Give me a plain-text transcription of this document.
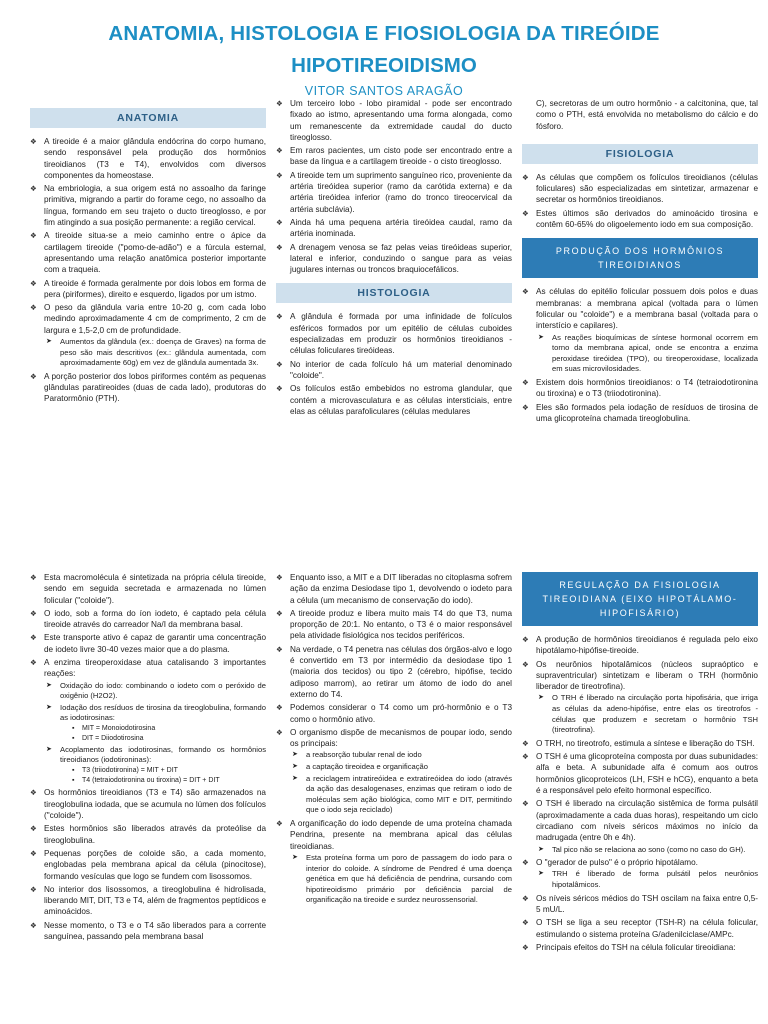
ANATOMIA, HISTOLOGIA E FIOSIOLOGIA DA TIREÓIDE
HIPOTIREOIDISMO
VITOR SANTOS ARAGÃO
ANATOMIA
❖ A tireoide é a maior glândula endócrina do corpo humano, sendo responsável pela produção dos hormônios tireoidianos (T3 e T4), envolvidos com diversos componentes da homeostase.
❖ Na embriologia, a sua origem está no assoalho da faringe primitiva, migrando a partir do forame cego, no assoalho da língua, formando em seu trajeto o ducto tireoglosso, e por fim atingindo a sua posição permanente: a região cervical.
❖ A tireoide situa-se a meio caminho entre o ápice da cartilagem tireoide ("pomo-de-adão") e a fúrcula esternal, apresentando uma relação anatômica posterior importante com a traqueia.
❖ A tireoide é formada geralmente por dois lobos em forma de pera (piriformes), direito e esquerdo, ligados por um istmo.
❖ O peso da glândula varia entre 10-20 g, com cada lobo medindo aproximadamente 4 cm de comprimento, 2 cm de largura e 1,5-2,0 cm de profundidade.
➤ Aumentos da glândula (ex.: doença de Graves) na forma de peso são mais descritivos (ex.: glândula aumentada, com aproximadamente 60g) em vez de glândula aumentada 3x.
❖ A porção posterior dos lobos piriformes contém as pequenas glândulas paratireoides (duas de cada lado), produtoras do Paratormônio (PTH).
❖ Um terceiro lobo - lobo piramidal - pode ser encontrado fixado ao istmo, apresentando uma forma alongada, como um remanescente da extremidade caudal do ducto tireoglosso.
❖ Em raros pacientes, um cisto pode ser encontrado entre a base da língua e a cartilagem tireoide - o cisto tireoglosso.
❖ A tireoide tem um suprimento sanguíneo rico, proveniente da artéria tireóidea superior (ramo da carótida externa) e da artéria tireóidea inferior (ramo do tronco tireocervical da artéria subclávia).
❖ Ainda há uma pequena artéria tireóidea caudal, ramo da artéria inominada.
❖ A drenagem venosa se faz pelas veias tireóideas superior, lateral e inferior, conduzindo o sangue para as veias jugulares internas ou troncos braquiocefálicos.
HISTOLOGIA
❖ A glândula é formada por uma infinidade de folículos esféricos formados por um epitélio de células cuboides especializadas em produzir os hormônios tireoidianos - células foliculares tireóideas.
❖ No interior de cada folículo há um material denominado "coloide".
❖ Os folículos estão embebidos no estroma glandular, que contém a microvasculatura e as células intersticiais, entre elas as células parafoliculares (células medulares
C), secretoras de um outro hormônio - a calcitonina, que, tal como o PTH, está envolvida no metabolismo do cálcio e do fósforo.
FISIOLOGIA
❖ As células que compõem os folículos tireoidianos (células foliculares) são especializadas em sintetizar, armazenar e secretar os hormônios tireoidianos.
❖ Estes últimos são derivados do aminoácido tirosina e contêm 60-65% do oligoelemento iodo em sua composição.
PRODUÇÃO DOS HORMÔNIOS TIREOIDIANOS
❖ As células do epitélio folicular possuem dois polos e duas membranas: a membrana apical (voltada para o lúmen folicular ou "coloide") e a membrana basal (voltada para o interstício e capilares).
➤ As reações bioquímicas de síntese hormonal ocorrem em torno da membrana apical, onde se encontra a enzima peroxidase tireóidea (TPO), ou tireoperoxidase, localizada em suas microvilosidades.
❖ Existem dois hormônios tireoidianos: o T4 (tetraiodotironina ou tiroxina) e o T3 (triiodotironina).
❖ Eles são formados pela iodação de resíduos de tirosina de uma glicoproteína chamada tireoglobulina.
❖ Esta macromolécula é sintetizada na própria célula tireoide, sendo em seguida secretada e armazenada no lúmen folicular ("coloide").
❖ O iodo, sob a forma do íon iodeto, é captado pela célula tireoide através do carreador Na/I da membrana basal.
❖ Este transporte ativo é capaz de garantir uma concentração de iodeto livre 30-40 vezes maior que a do plasma.
❖ A enzima tireoperoxidase atua catalisando 3 importantes reações:
➤ Oxidação do iodo: combinando o iodeto com o peróxido de oxigênio (H2O2).
➤ Iodação dos resíduos de tirosina da tireoglobulina, formando as iodotirosinas:
▪ MIT = Monoiodotirosina
▪ DIT = Diiodotirosina
➤ Acoplamento das iodotirosinas, formando os hormônios tireoidianos (iodotironinas):
▪ T3 (triiodotironina) = MIT + DIT
▪ T4 (tetraiodotironina ou tiroxina) = DIT + DIT
❖ Os hormônios tireoidianos (T3 e T4) são armazenados na tireoglobulina iodada, que se acumula no lúmen dos folículos ("coloide").
❖ Estes hormônios são liberados através da proteólise da tireoglobulina.
❖ Pequenas porções de coloide são, a cada momento, englobadas pela membrana apical da célula (pinocitose), formando vesículas que logo se fundem com lisossomos.
❖ No interior dos lisossomos, a tireoglobulina é hidrolisada, liberando MIT, DIT, T3 e T4, além de fragmentos peptídicos e aminoácidos.
❖ Nesse momento, o T3 e o T4 são liberados para a corrente sanguínea, passando pela membrana basal
❖ Enquanto isso, a MIT e a DIT liberadas no citoplasma sofrem ação da enzima Desiodase tipo 1, devolvendo o iodeto para a célula (um mecanismo de conservação do iodo).
❖ A tireoide produz e libera muito mais T4 do que T3, numa proporção de 20:1. No entanto, o T3 é o maior responsável pela atividade fisiológica nos tecidos periféricos.
❖ Na verdade, o T4 penetra nas células dos órgãos-alvo e logo é convertido em T3 por intermédio da desiodase tipo 1 (maioria dos tecidos) ou tipo 2 (cérebro, hipófise, tecido adiposo marrom), ao retirar um átomo de iodo do anel externo do T4.
❖ Podemos considerar o T4 como um pró-hormônio e o T3 como o hormônio ativo.
❖ O organismo dispõe de mecanismos de poupar iodo, sendo os principais:
➤ a reabsorção tubular renal de iodo
➤ a captação tireoidea e organificação
➤ a reciclagem intratireóidea e extratireóidea do iodo (através da ação das desalogenases, enzimas que retiram o iodo de moléculas sem ação biológica, como MIT e DIT, permitindo que o iodo seja reciclado)
❖ A organificação do iodo depende de uma proteína chamada Pendrina, presente na membrana apical das células tireoidianas.
➤ Esta proteína forma um poro de passagem do iodo para o interior do coloide. A síndrome de Pendred é uma doença genética em que há deficiência de pendrina, cursando com hipotireoidismo primário por deficiência parcial de organificação na tireoide e surdez neurossensorial.
REGULAÇÃO DA FISIOLOGIA TIREOIDIANA (EIXO HIPOTÁLAMO-HIPOFISÁRIO)
❖ A produção de hormônios tireoidianos é regulada pelo eixo hipotálamo-hipófise-tireoide.
❖ Os neurônios hipotalâmicos (núcleos supraóptico e supraventricular) sintetizam e liberam o TRH (hormônio liberador de tireotrofina).
➤ O TRH é liberado na circulação porta hipofisária, que irriga as células da adeno-hipófise, entre elas os tireotrofos - células que produzem e secretam o hormônio TSH (tireotrofina).
❖ O TRH, no tireotrofo, estimula a síntese e liberação do TSH.
❖ O TSH é uma glicoproteína composta por duas subunidades: alfa e beta. A subunidade alfa é comum aos outros hormônios glicoproteicos (LH, FSH e hCG), enquanto a beta é a responsável pelo efeito hormonal específico.
❖ O TSH é liberado na circulação sistêmica de forma pulsátil (aproximadamente a cada duas horas), respeitando um ciclo circadiano com níveis séricos máximos no início da madrugada (entre 0h e 4h).
➤ Tal pico não se relaciona ao sono (como no caso do GH).
❖ O "gerador de pulso" é o próprio hipotálamo.
➤ TRH é liberado de forma pulsátil pelos neurônios hipotalâmicos.
❖ Os níveis séricos médios do TSH oscilam na faixa entre 0,5-5 mU/L.
❖ O TSH se liga a seu receptor (TSH-R) na célula folicular, estimulando o sistema proteína G/adenilciclase/AMPc.
❖ Principais efeitos do TSH na célula folicular tireoidiana:
